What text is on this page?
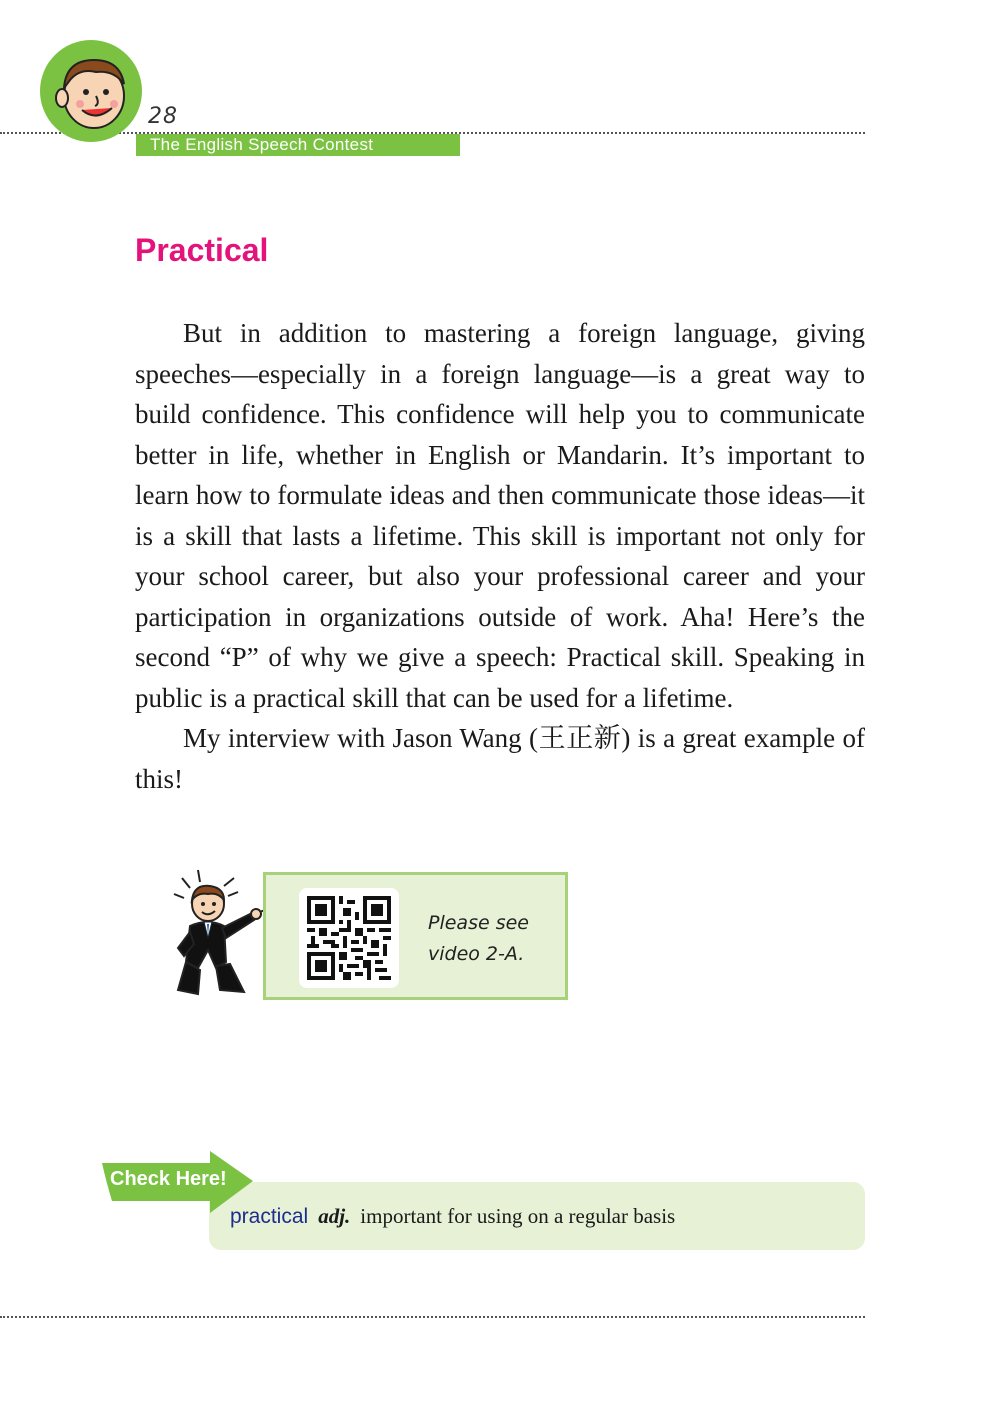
28
The English Speech Contest
Practical

But in addition to mastering a foreign language, giving speeches—especially in a foreign language—is a great way to build confidence. This confidence will help you to communicate better in life, whether in English or Mandarin. It’s important to learn how to formulate ideas and then communicate those ideas—it is a skill that lasts a lifetime. This skill is important not only for your school career, but also your professional career and your participation in organizations outside of work. Aha! Here’s the second “P” of why we give a speech: Practical skill. Speaking in public is a practical skill that can be used for a lifetime.

My interview with Jason Wang (王正新) is a great example of this!

Please see
video 2-A.
Check Here!
practical adj. important for using on a regular basis
